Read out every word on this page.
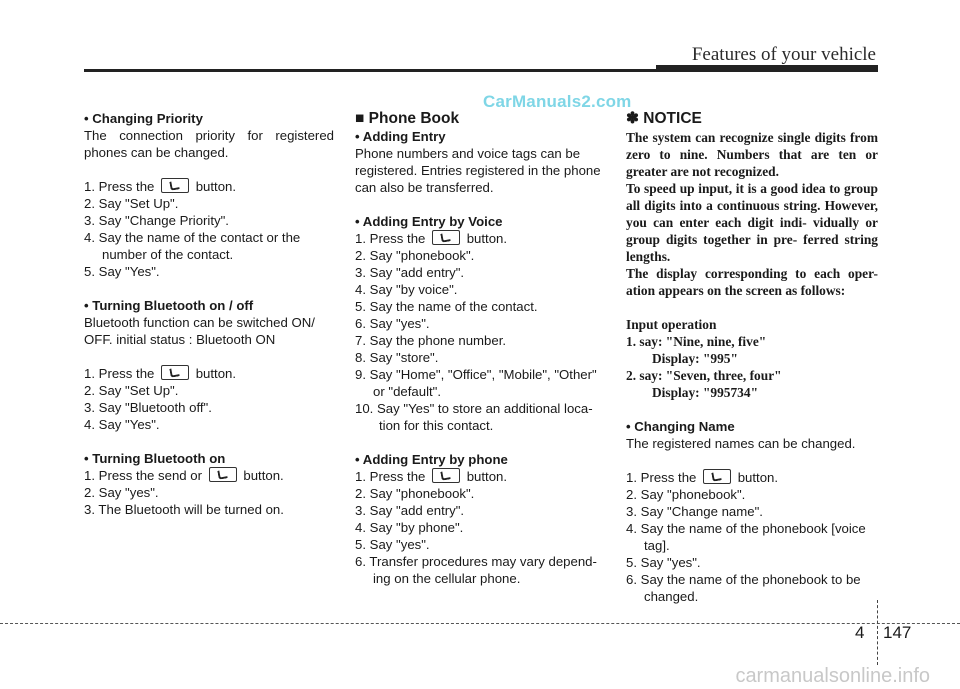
Features of your vehicle
CarManuals2.com
• Changing Priority
The connection priority for registered phones can be changed.
1. Press the	button.
2. Say "Set Up".
3. Say "Change Priority".
4. Say the name of the contact or the number of the contact.
5. Say "Yes".
• Turning Bluetooth on / off
Bluetooth function can be switched ON/ OFF. initial status : Bluetooth ON
1. Press the	button.
2. Say "Set Up".
3. Say "Bluetooth off".
4. Say "Yes".
• Turning Bluetooth on
1. Press the send or	button.
2. Say "yes".
3. The Bluetooth will be turned on.
■ Phone Book
• Adding Entry
Phone numbers and voice tags can be registered. Entries registered in the phone can also be transferred.
• Adding Entry by Voice
1. Press the	button.
2. Say "phonebook".
3. Say "add entry".
4. Say "by voice".
5. Say the name of the contact.
6. Say "yes".
7. Say the phone number.
8. Say "store".
9. Say "Home", "Office", "Mobile", "Other" or "default".
10. Say "Yes" to store an additional loca- tion for this contact.
• Adding Entry by phone
1. Press the	button.
2. Say "phonebook".
3. Say "add entry".
4. Say "by phone".
5. Say "yes".
6. Transfer procedures may vary depend- ing on the cellular phone.
✽ NOTICE
The system can recognize single digits from zero to nine. Numbers that are ten or greater are not recognized.
To speed up input, it is a good idea to group all digits into a continuous string. However, you can enter each digit indi- vidually or group digits together in pre- ferred string lengths.
The display corresponding to each oper- ation appears on the screen as follows:
Input operation
1. say: "Nine, nine, five"
Display: "995"
2. say: "Seven, three, four"
Display: "995734"
• Changing Name
The registered names can be changed.
1. Press the	button.
2. Say "phonebook".
3. Say "Change name".
4. Say the name of the phonebook [voice tag].
5. Say "yes".
6. Say the name of the phonebook to be changed.
4 147
carmanualsonline.info
